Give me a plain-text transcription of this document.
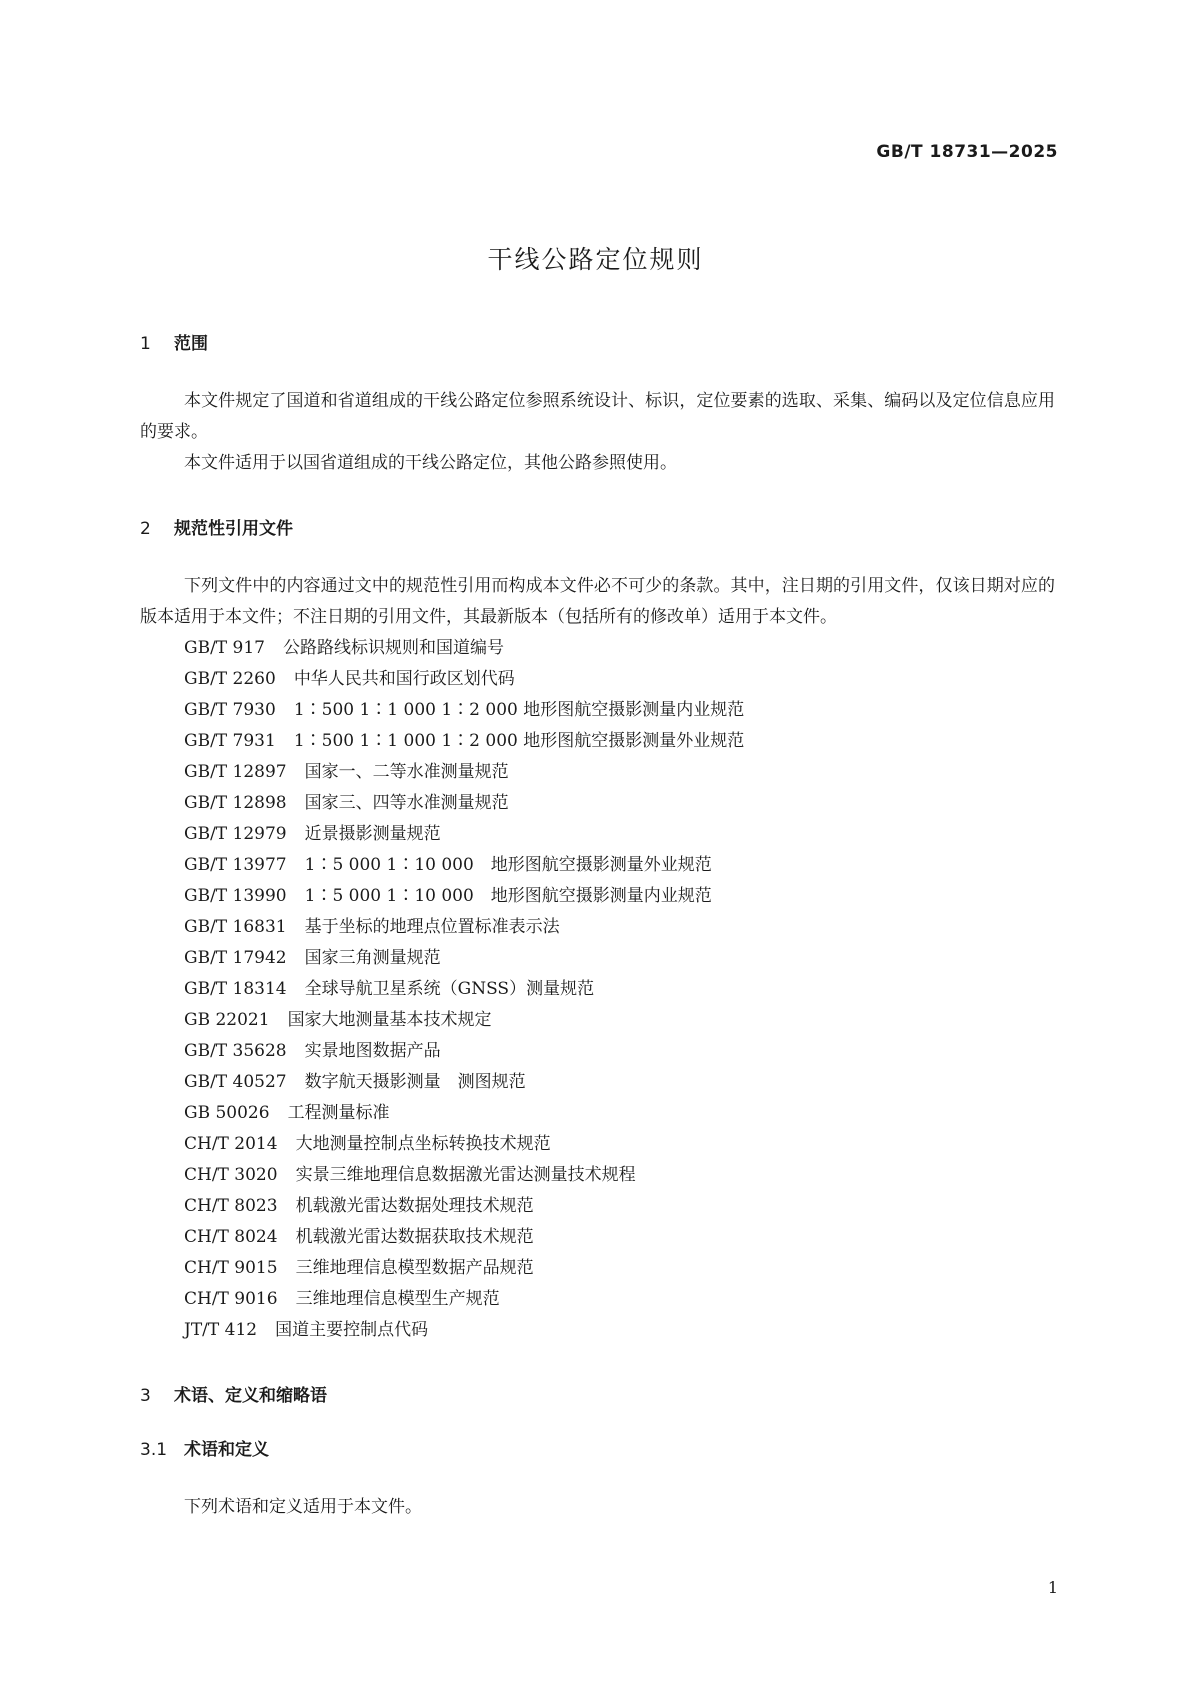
GB/T 18731—2025

干线公路定位规则
1 范围

本文件规定了国道和省道组成的干线公路定位参照系统设计、标识，定位要素的选取、采集、编码以及定位信息应用的要求。

本文件适用于以国省道组成的干线公路定位，其他公路参照使用。

2 规范性引用文件

下列文件中的内容通过文中的规范性引用而构成本文件必不可少的条款。其中，注日期的引用文件，仅该日期对应的版本适用于本文件；不注日期的引用文件，其最新版本（包括所有的修改单）适用于本文件。

GB/T 917 公路路线标识规则和国道编号
GB/T 2260 中华人民共和国行政区划代码
GB/T 7930 1∶500 1∶1 000 1∶2 000 地形图航空摄影测量内业规范
GB/T 7931 1∶500 1∶1 000 1∶2 000 地形图航空摄影测量外业规范
GB/T 12897 国家一、二等水准测量规范
GB/T 12898 国家三、四等水准测量规范
GB/T 12979 近景摄影测量规范
GB/T 13977 1∶5 000 1∶10 000　地形图航空摄影测量外业规范
GB/T 13990 1∶5 000 1∶10 000　地形图航空摄影测量内业规范
GB/T 16831 基于坐标的地理点位置标准表示法
GB/T 17942 国家三角测量规范
GB/T 18314 全球导航卫星系统（GNSS）测量规范
GB 22021 国家大地测量基本技术规定
GB/T 35628 实景地图数据产品
GB/T 40527 数字航天摄影测量　测图规范
GB 50026 工程测量标准
CH/T 2014 大地测量控制点坐标转换技术规范
CH/T 3020 实景三维地理信息数据激光雷达测量技术规程
CH/T 8023 机载激光雷达数据处理技术规范
CH/T 8024 机载激光雷达数据获取技术规范
CH/T 9015 三维地理信息模型数据产品规范
CH/T 9016 三维地理信息模型生产规范
JT/T 412 国道主要控制点代码
3 术语、定义和缩略语
3.1 术语和定义

下列术语和定义适用于本文件。

1
